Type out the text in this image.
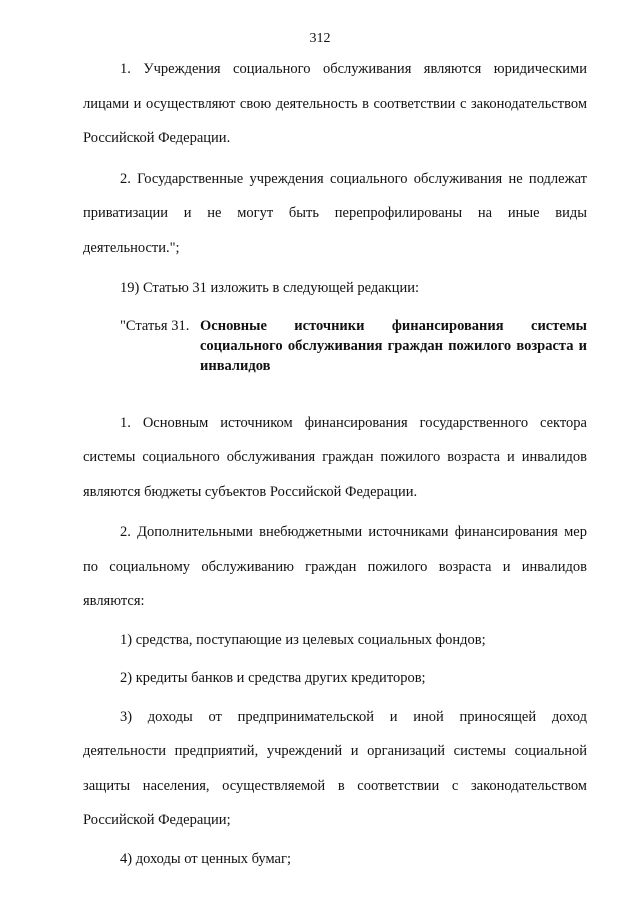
312

1. Учреждения социального обслуживания являются юридическими лицами и осуществляют свою деятельность в соответствии с законодательством Российской Федерации.

2. Государственные учреждения социального обслуживания не подлежат приватизации и не могут быть перепрофилированы на иные виды деятельности.";

19) Статью 31 изложить в следующей редакции:

"Статья 31. Основные источники финансирования системы социального обслуживания граждан пожилого возраста и инвалидов

1. Основным источником финансирования государственного сектора системы социального обслуживания граждан пожилого возраста и инвалидов являются бюджеты субъектов Российской Федерации.

2. Дополнительными внебюджетными источниками финансирования мер по социальному обслуживанию граждан пожилого возраста и инвалидов являются:

1) средства, поступающие из целевых социальных фондов;

2) кредиты банков и средства других кредиторов;

3) доходы от предпринимательской и иной приносящей доход деятельности предприятий, учреждений и организаций системы социальной защиты населения, осуществляемой в соответствии с законодательством Российской Федерации;

4) доходы от ценных бумаг;
